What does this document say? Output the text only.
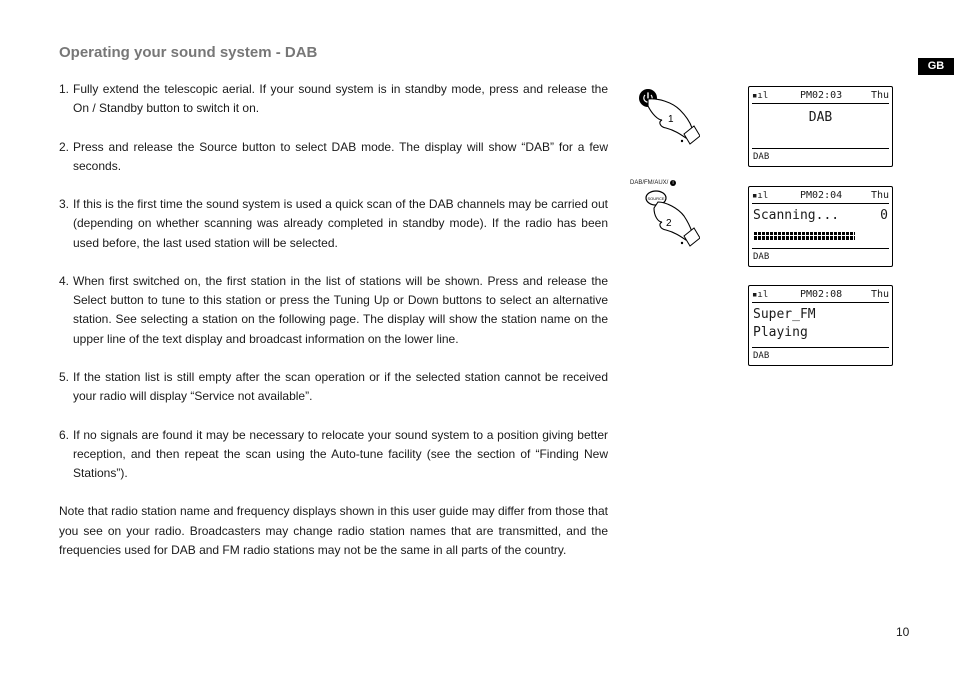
Operating your sound system - DAB
GB

1. Fully extend the telescopic aerial. If your sound system is in standby mode, press and release the On / Standby button to switch it on.

2. Press and release the Source button to select DAB mode. The display will show “DAB” for a few seconds.

3. If this is the first time the sound system is used a quick scan of the DAB channels may be carried out (depending on whether scanning was already completed in standby mode). If the radio has been used before, the last used station will be selected.

4. When first switched on, the first station in the list of stations will be shown. Press and release the Select button to tune to this station or press the Tuning Up or Down buttons to select an alternative station. See selecting a station on the following page. The display will show the station name on the upper line of the text display and broadcast information on the lower line.

5. If the station list is still empty after the scan operation or if the selected station cannot be received your radio will display “Service not available”.

6. If no signals are found it may be necessary to relocate your sound system to a position giving better reception, and then repeat the scan using the Auto-tune facility (see the section of “Finding New Stations”).

Note that radio station name and frequency displays shown in this user guide may differ from those that you see on your radio. Broadcasters may change radio station names that are transmitted, and the frequencies used for DAB and FM radio stations may not be the same in all parts of the country.

10
1
DAB/FM/AUX/ i
SOURCE
2
▪ıl	PM02:03	Thu
DAB
DAB
▪ıl	PM02:04	Thu
Scanning...	0
DAB
▪ıl	PM02:08	Thu
Super_FM
Playing
DAB
